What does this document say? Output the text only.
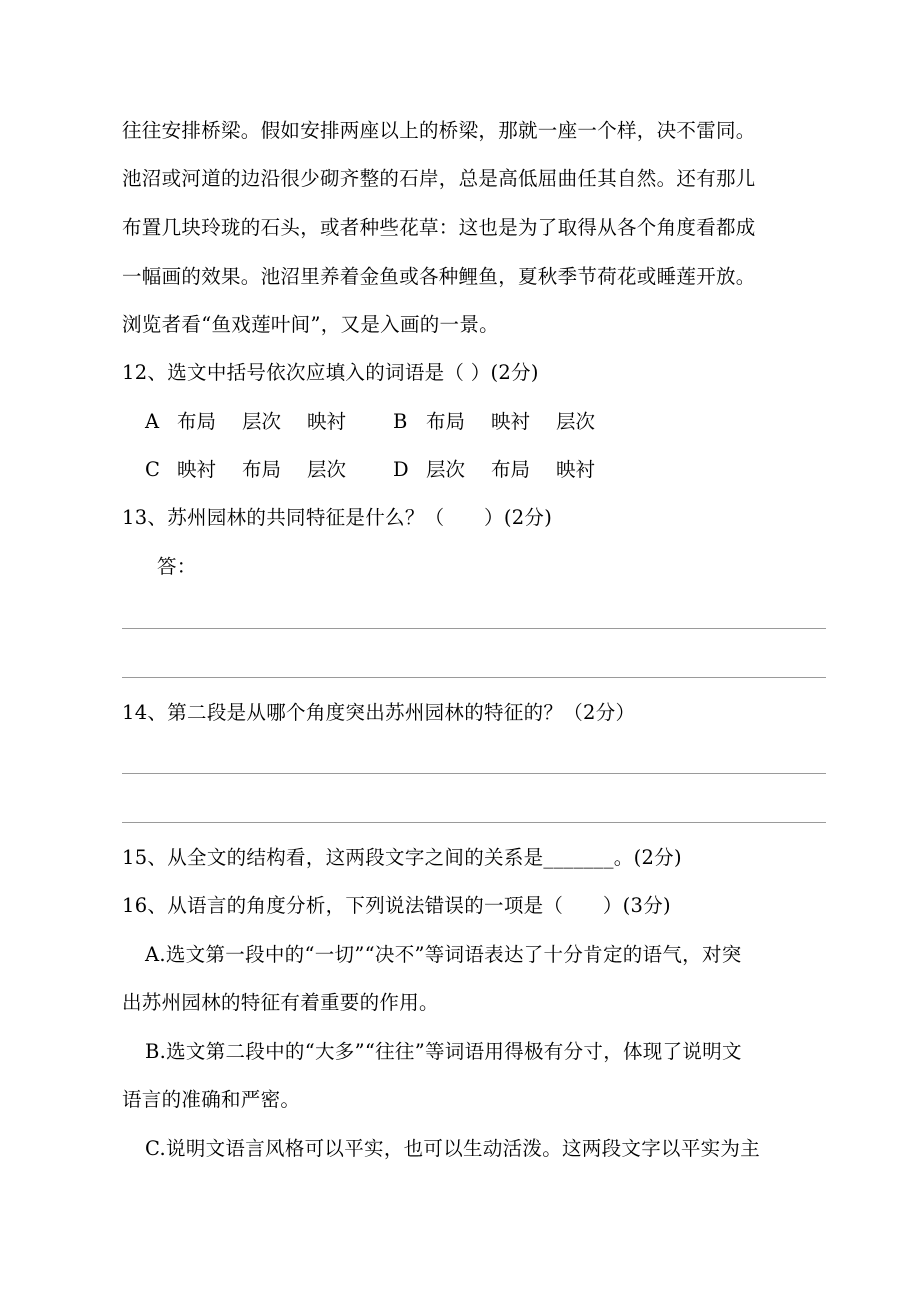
往往安排桥梁。假如安排两座以上的桥梁，那就一座一个样，决不雷同。
池沼或河道的边沿很少砌齐整的石岸，总是高低屈曲任其自然。还有那儿
布置几块玲珑的石头，或者种些花草：这也是为了取得从各个角度看都成
一幅画的效果。池沼里养着金鱼或各种鲤鱼，夏秋季节荷花或睡莲开放。
浏览者看“鱼戏莲叶间”，又是入画的一景。
12、选文中括号依次应填入的词语是（ ）(2分)
A 布局 层次 映衬 B 布局 映衬 层次
C 映衬 布局 层次 D 层次 布局 映衬
13、苏州园林的共同特征是什么？（　　）(2分)
答：
14、第二段是从哪个角度突出苏州园林的特征的？（2分）
15、从全文的结构看，这两段文字之间的关系是_______。(2分)
16、从语言的角度分析，下列说法错误的一项是（　　）(3分)
A.选文第一段中的“一切”“决不”等词语表达了十分肯定的语气，对突
出苏州园林的特征有着重要的作用。
B.选文第二段中的“大多”“往往”等词语用得极有分寸，体现了说明文
语言的准确和严密。
C.说明文语言风格可以平实，也可以生动活泼。这两段文字以平实为主
